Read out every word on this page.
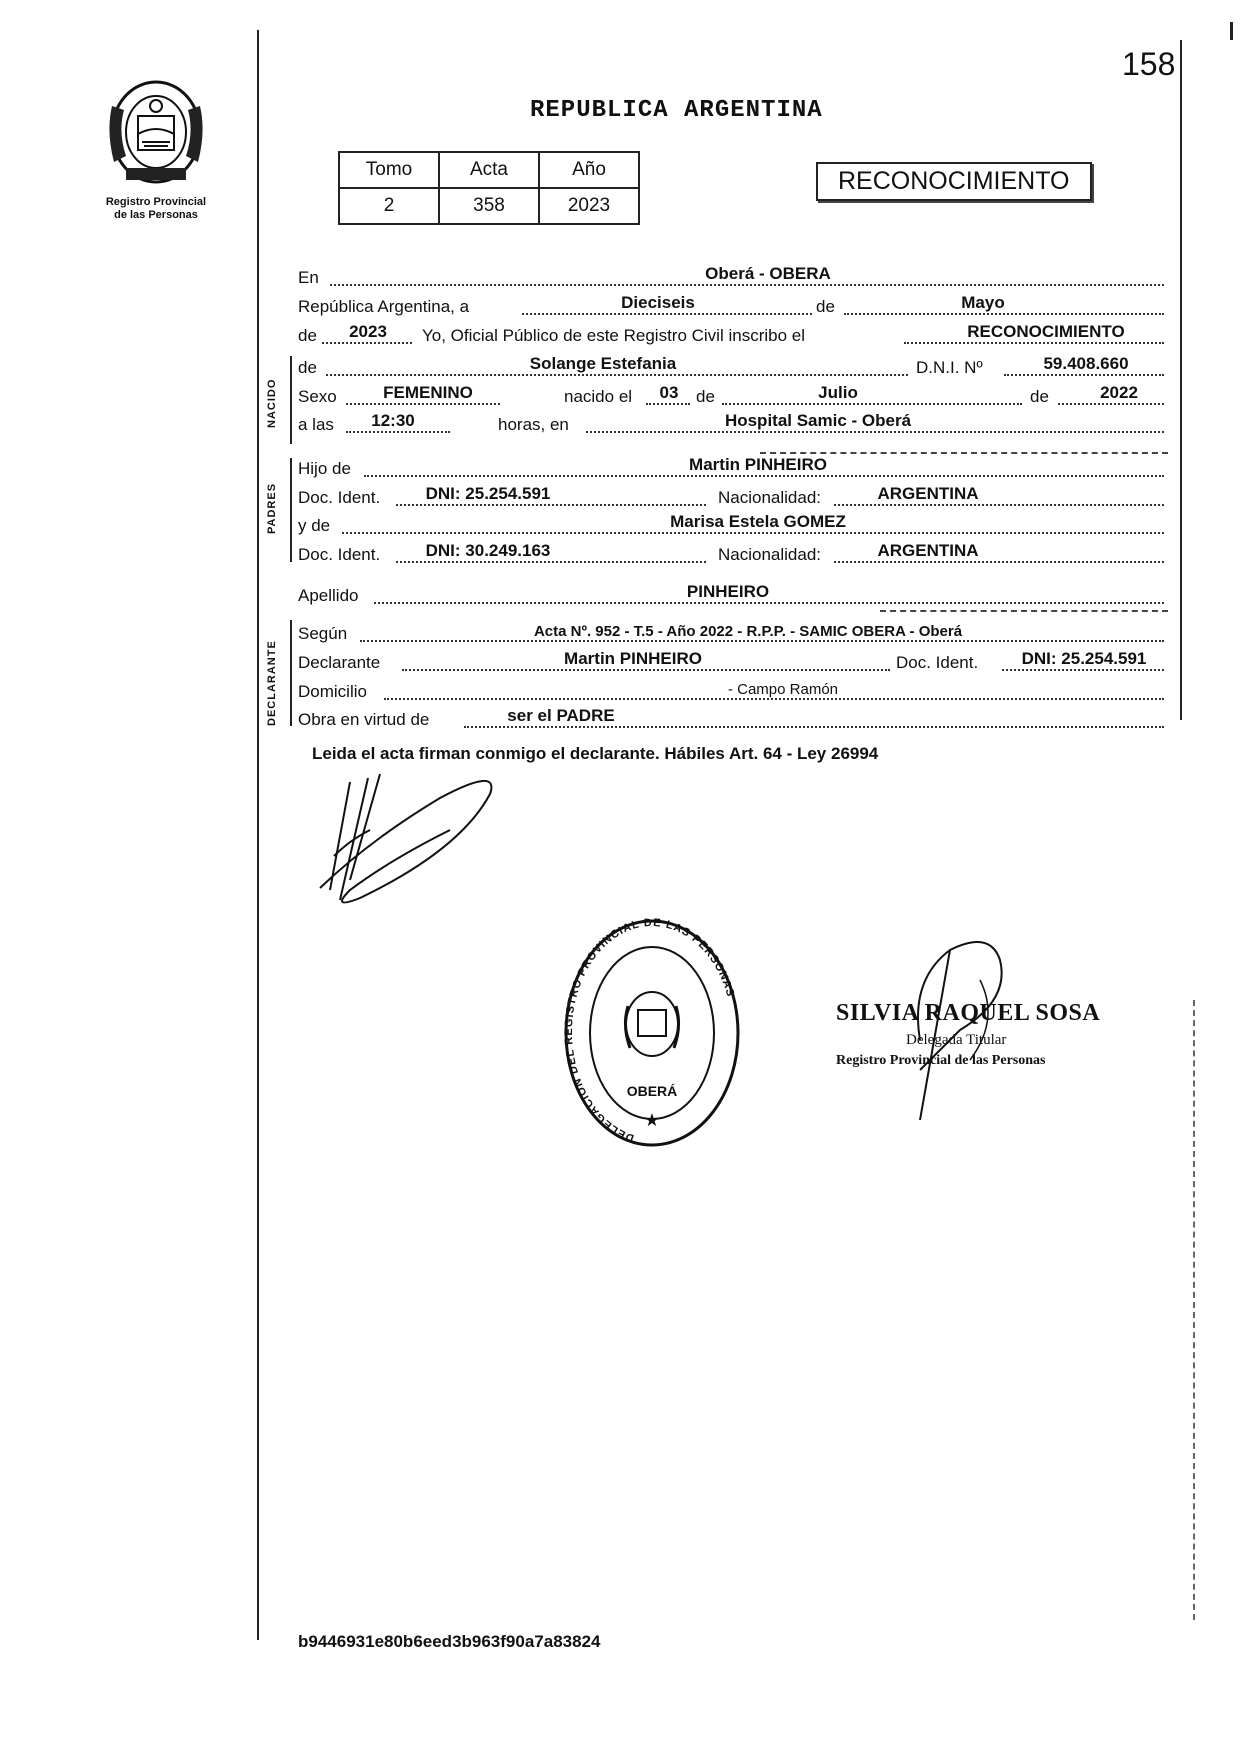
158
Registro Provincial
de las Personas
REPUBLICA ARGENTINA
Tomo	Acta	Año
2	358	2023
RECONOCIMIENTO
En	Oberá - OBERA
República Argentina, a	Dieciseis	de	Mayo
de	2023	Yo, Oficial Público de este Registro Civil inscribo el	RECONOCIMIENTO
NACIDO
de	Solange Estefania	D.N.I. Nº	59.408.660
Sexo	FEMENINO	nacido el	03	de	Julio	de	2022
a las	12:30	horas, en	Hospital Samic - Oberá
PADRES
Hijo de	Martin PINHEIRO
Doc. Ident.	DNI: 25.254.591	Nacionalidad:	ARGENTINA
y de	Marisa Estela GOMEZ
Doc. Ident.	DNI: 30.249.163	Nacionalidad:	ARGENTINA
Apellido	PINHEIRO
DECLARANTE
Según	Acta Nº. 952 - T.5 - Año 2022 - R.P.P. - SAMIC OBERA - Oberá
Declarante	Martin PINHEIRO	Doc. Ident.	DNI: 25.254.591
Domicilio	- Campo Ramón
Obra en virtud de	ser el PADRE
Leida el acta firman conmigo el declarante. Hábiles Art. 64 - Ley 26994
DELEGACION DEL REGISTRO PROVINCIAL DE LAS PERSONAS
OBERÁ
★
SILVIA RAQUEL SOSA
Delegada Titular
Registro Provincial de las Personas
b9446931e80b6eed3b963f90a7a83824
